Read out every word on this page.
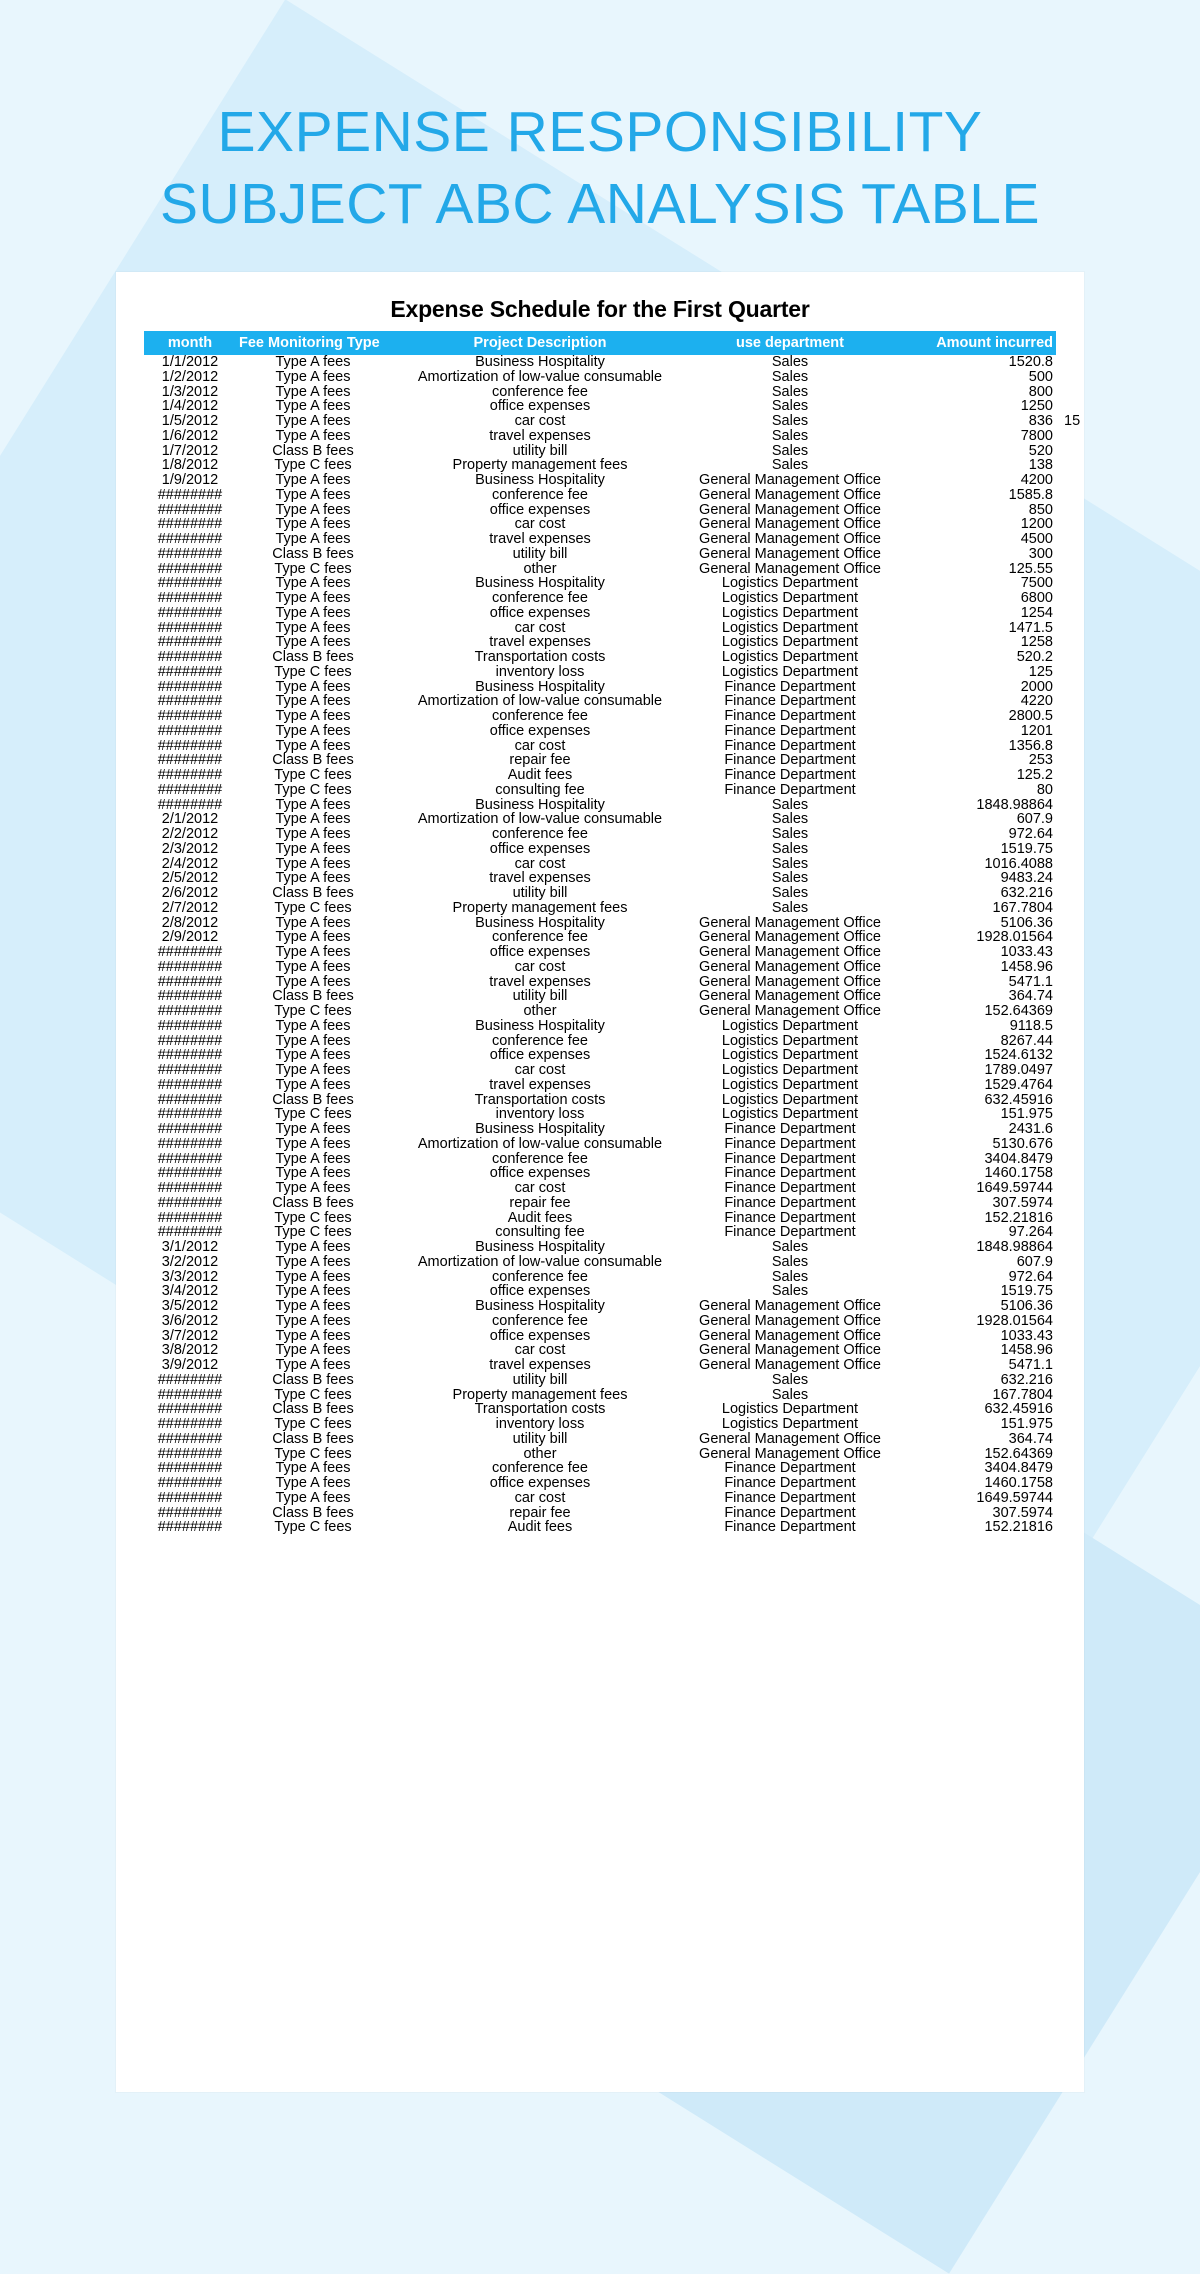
EXPENSE RESPONSIBILITY
SUBJECT ABC ANALYSIS TABLE
Expense Schedule for the First Quarter
month	Fee Monitoring Type	Project Description	use department	Amount incurred
1/1/2012	Type A fees	Business Hospitality	Sales	1520.8
1/2/2012	Type A fees	Amortization of low-value consumable	Sales	500
1/3/2012	Type A fees	conference fee	Sales	800
1/4/2012	Type A fees	office expenses	Sales	1250
1/5/2012	Type A fees	car cost	Sales	836
1/6/2012	Type A fees	travel expenses	Sales	7800
1/7/2012	Class B fees	utility bill	Sales	520
1/8/2012	Type C fees	Property management fees	Sales	138
1/9/2012	Type A fees	Business Hospitality	General Management Office	4200
########	Type A fees	conference fee	General Management Office	1585.8
########	Type A fees	office expenses	General Management Office	850
########	Type A fees	car cost	General Management Office	1200
########	Type A fees	travel expenses	General Management Office	4500
########	Class B fees	utility bill	General Management Office	300
########	Type C fees	other	General Management Office	125.55
########	Type A fees	Business Hospitality	Logistics Department	7500
########	Type A fees	conference fee	Logistics Department	6800
########	Type A fees	office expenses	Logistics Department	1254
########	Type A fees	car cost	Logistics Department	1471.5
########	Type A fees	travel expenses	Logistics Department	1258
########	Class B fees	Transportation costs	Logistics Department	520.2
########	Type C fees	inventory loss	Logistics Department	125
########	Type A fees	Business Hospitality	Finance Department	2000
########	Type A fees	Amortization of low-value consumable	Finance Department	4220
########	Type A fees	conference fee	Finance Department	2800.5
########	Type A fees	office expenses	Finance Department	1201
########	Type A fees	car cost	Finance Department	1356.8
########	Class B fees	repair fee	Finance Department	253
########	Type C fees	Audit fees	Finance Department	125.2
########	Type C fees	consulting fee	Finance Department	80
########	Type A fees	Business Hospitality	Sales	1848.98864
2/1/2012	Type A fees	Amortization of low-value consumable	Sales	607.9
2/2/2012	Type A fees	conference fee	Sales	972.64
2/3/2012	Type A fees	office expenses	Sales	1519.75
2/4/2012	Type A fees	car cost	Sales	1016.4088
2/5/2012	Type A fees	travel expenses	Sales	9483.24
2/6/2012	Class B fees	utility bill	Sales	632.216
2/7/2012	Type C fees	Property management fees	Sales	167.7804
2/8/2012	Type A fees	Business Hospitality	General Management Office	5106.36
2/9/2012	Type A fees	conference fee	General Management Office	1928.01564
########	Type A fees	office expenses	General Management Office	1033.43
########	Type A fees	car cost	General Management Office	1458.96
########	Type A fees	travel expenses	General Management Office	5471.1
########	Class B fees	utility bill	General Management Office	364.74
########	Type C fees	other	General Management Office	152.64369
########	Type A fees	Business Hospitality	Logistics Department	9118.5
########	Type A fees	conference fee	Logistics Department	8267.44
########	Type A fees	office expenses	Logistics Department	1524.6132
########	Type A fees	car cost	Logistics Department	1789.0497
########	Type A fees	travel expenses	Logistics Department	1529.4764
########	Class B fees	Transportation costs	Logistics Department	632.45916
########	Type C fees	inventory loss	Logistics Department	151.975
########	Type A fees	Business Hospitality	Finance Department	2431.6
########	Type A fees	Amortization of low-value consumable	Finance Department	5130.676
########	Type A fees	conference fee	Finance Department	3404.8479
########	Type A fees	office expenses	Finance Department	1460.1758
########	Type A fees	car cost	Finance Department	1649.59744
########	Class B fees	repair fee	Finance Department	307.5974
########	Type C fees	Audit fees	Finance Department	152.21816
########	Type C fees	consulting fee	Finance Department	97.264
3/1/2012	Type A fees	Business Hospitality	Sales	1848.98864
3/2/2012	Type A fees	Amortization of low-value consumable	Sales	607.9
3/3/2012	Type A fees	conference fee	Sales	972.64
3/4/2012	Type A fees	office expenses	Sales	1519.75
3/5/2012	Type A fees	Business Hospitality	General Management Office	5106.36
3/6/2012	Type A fees	conference fee	General Management Office	1928.01564
3/7/2012	Type A fees	office expenses	General Management Office	1033.43
3/8/2012	Type A fees	car cost	General Management Office	1458.96
3/9/2012	Type A fees	travel expenses	General Management Office	5471.1
########	Class B fees	utility bill	Sales	632.216
########	Type C fees	Property management fees	Sales	167.7804
########	Class B fees	Transportation costs	Logistics Department	632.45916
########	Type C fees	inventory loss	Logistics Department	151.975
########	Class B fees	utility bill	General Management Office	364.74
########	Type C fees	other	General Management Office	152.64369
########	Type A fees	conference fee	Finance Department	3404.8479
########	Type A fees	office expenses	Finance Department	1460.1758
########	Type A fees	car cost	Finance Department	1649.59744
########	Class B fees	repair fee	Finance Department	307.5974
########	Type C fees	Audit fees	Finance Department	152.21816
15
